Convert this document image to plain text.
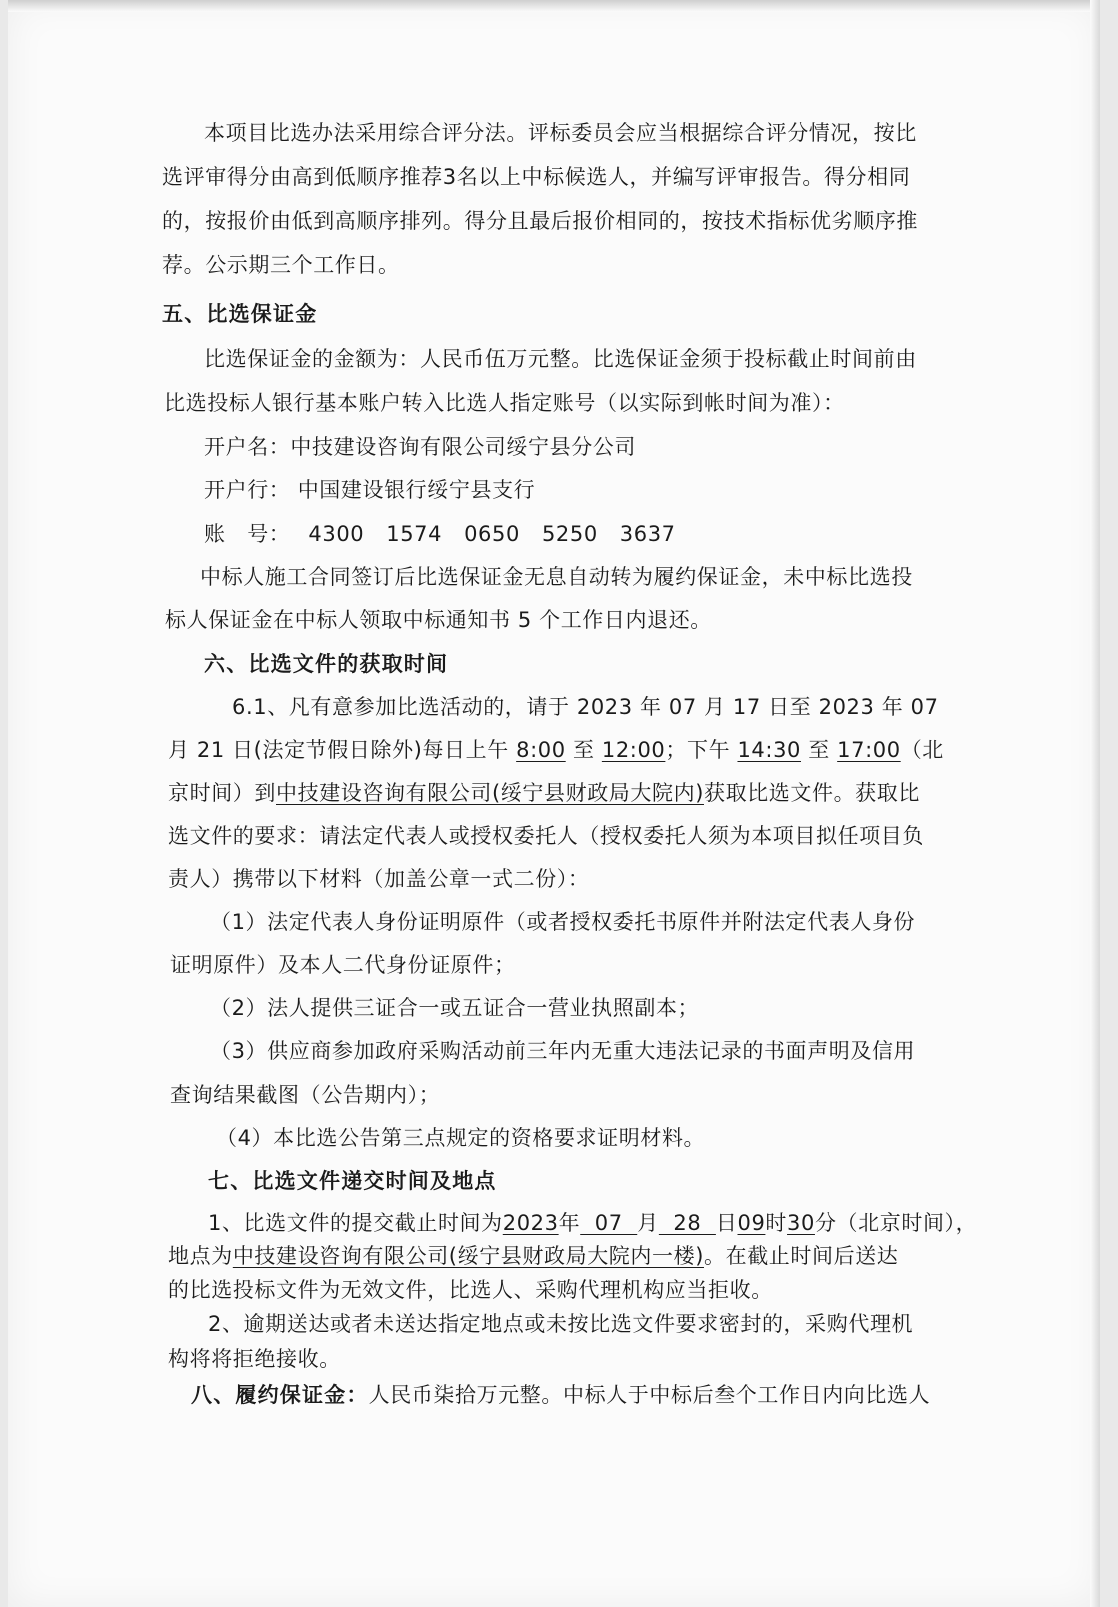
本项目比选办法采用综合评分法。评标委员会应当根据综合评分情况，按比
选评审得分由高到低顺序推荐3名以上中标候选人，并编写评审报告。得分相同
的，按报价由低到高顺序排列。得分且最后报价相同的，按技术指标优劣顺序推
荐。公示期三个工作日。
五、比选保证金
比选保证金的金额为：人民币伍万元整。比选保证金须于投标截止时间前由
比选投标人银行基本账户转入比选人指定账号（以实际到帐时间为准）：
开户名：中技建设咨询有限公司绥宁县分公司
开户行： 中国建设银行绥宁县支行
账　号： 4300 1574 0650 5250 3637
中标人施工合同签订后比选保证金无息自动转为履约保证金，未中标比选投
标人保证金在中标人领取中标通知书 5 个工作日内退还。
六、比选文件的获取时间
6.1、凡有意参加比选活动的，请于 2023 年 07 月 17 日至 2023 年 07
月 21 日(法定节假日除外)每日上午 8:00 至 12:00；下午 14:30 至 17:00（北
京时间）到中技建设咨询有限公司(绥宁县财政局大院内)获取比选文件。获取比
选文件的要求：请法定代表人或授权委托人（授权委托人须为本项目拟任项目负
责人）携带以下材料（加盖公章一式二份）：
（1）法定代表人身份证明原件（或者授权委托书原件并附法定代表人身份
证明原件）及本人二代身份证原件；
（2）法人提供三证合一或五证合一营业执照副本；
（3）供应商参加政府采购活动前三年内无重大违法记录的书面声明及信用
查询结果截图（公告期内）；
（4）本比选公告第三点规定的资格要求证明材料。
七、比选文件递交时间及地点
1、比选文件的提交截止时间为2023年  07  月  28  日09时30分（北京时间），
地点为中技建设咨询有限公司(绥宁县财政局大院内一楼)。在截止时间后送达
的比选投标文件为无效文件，比选人、采购代理机构应当拒收。
2、逾期送达或者未送达指定地点或未按比选文件要求密封的，采购代理机
构将将拒绝接收。
八、履约保证金：人民币柒拾万元整。中标人于中标后叁个工作日内向比选人
